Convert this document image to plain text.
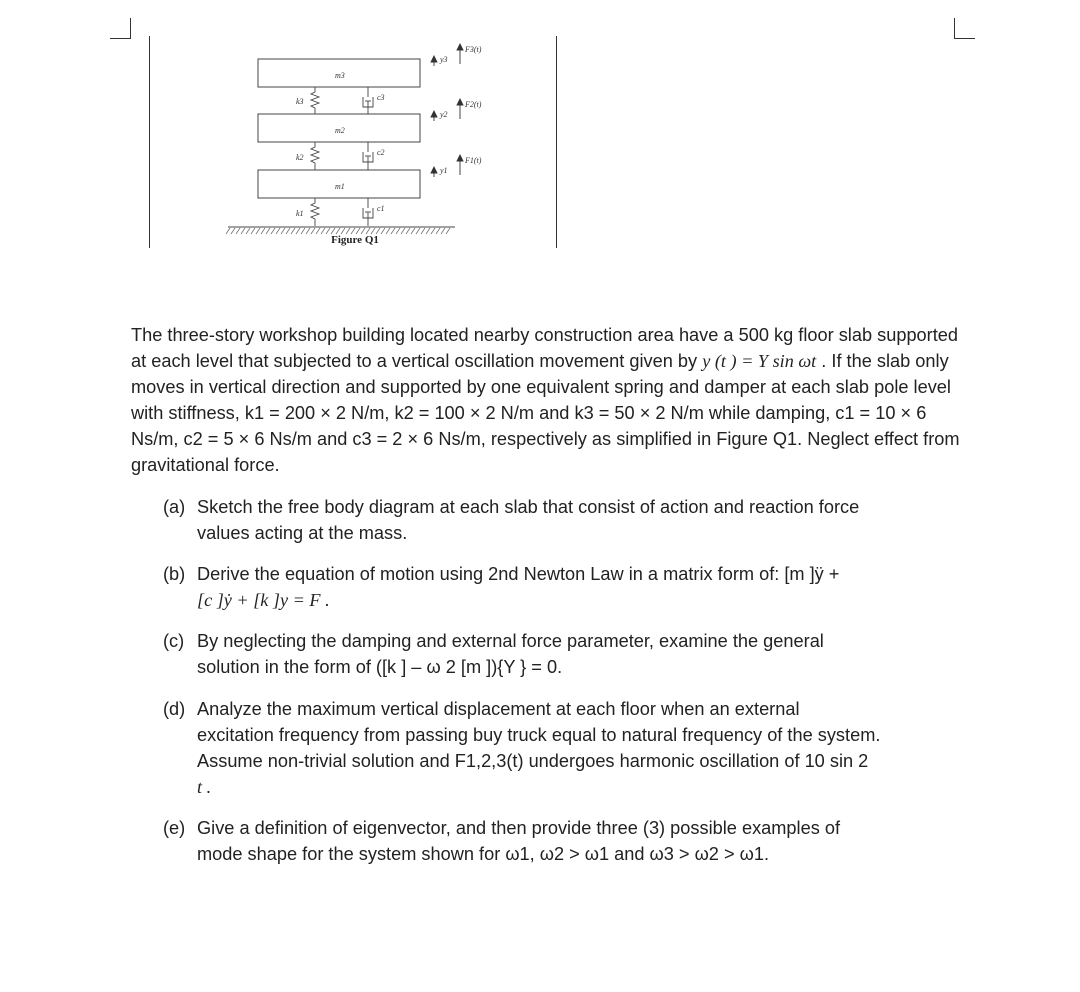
m3
m2
m1
k3
k2
k1
c3
c2
c1
y3
y2
y1
F3(t)
F2(t)
F1(t)
Figure Q1
The three-story workshop building located nearby construction area have a 500 kg floor slab supported at each level that subjected to a vertical oscillation movement given by y (t ) = Y sin ωt . If the slab only moves in vertical direction and supported by one equivalent spring and damper at each slab pole level with stiffness, k1 = 200 × 2 N/m, k2 = 100 × 2 N/m and k3 = 50 × 2 N/m while damping, c1 = 10 × 6 Ns/m, c2 = 5 × 6 Ns/m and c3 = 2 × 6 Ns/m, respectively as simplified in Figure Q1. Neglect effect from gravitational force.
(a) Sketch the free body diagram at each slab that consist of action and reaction force
values acting at the mass.
(b) Derive the equation of motion using 2nd Newton Law in a matrix form of: [m ]ÿ +
[c ]ẏ + [k ]y = F .
(c) By neglecting the damping and external force parameter, examine the general
solution in the form of ([k ] – ω 2 [m ]){Y } = 0.
(d) Analyze the maximum vertical displacement at each floor when an external
excitation frequency from passing buy truck equal to natural frequency of the system.
Assume non-trivial solution and F1,2,3(t) undergoes harmonic oscillation of 10 sin 2
t .
(e) Give a definition of eigenvector, and then provide three (3) possible examples of
mode shape for the system shown for ω1, ω2 > ω1 and ω3 > ω2 > ω1.
